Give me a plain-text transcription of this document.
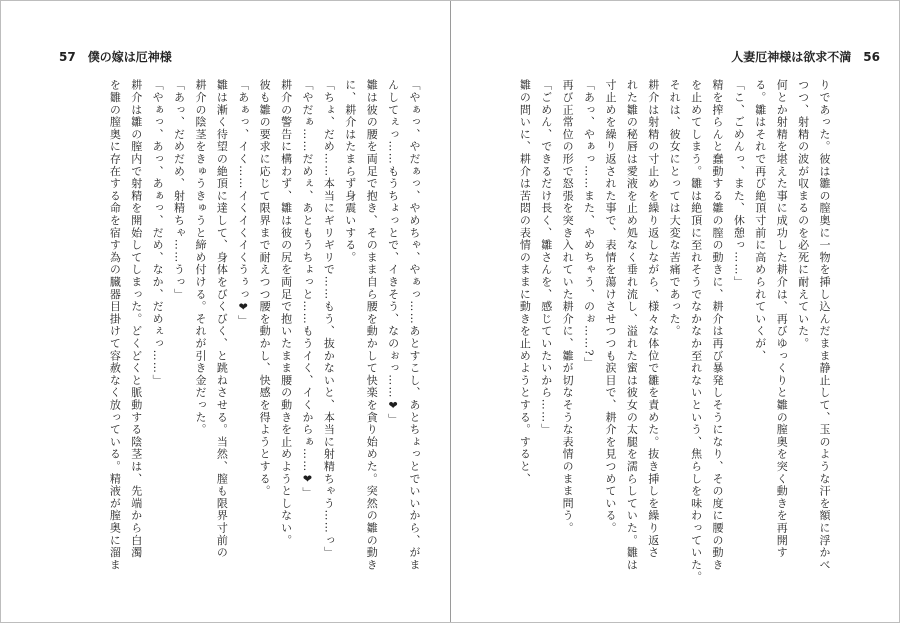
57 僕の嫁は厄神様
「やぁっ、やだぁっ、やめちゃ、やぁっ……あとすこし、あとちょっとでいいから、がま
んしてぇっ……もうちょっとで、イきそう、なのぉっ……❤」
雛は彼の腰を両足で抱き、そのまま自ら腰を動かして快楽を貪り始めた。突然の雛の動き
に、耕介はたまらず身震いする。
「ちょ、だめ……本当にギリギリで……もう、抜かないと、本当に射精ちゃう……っ」
「やだぁ……だめぇ、あともうちょっと……もうイく、イくからぁ……❤」
耕介の警告に構わず、雛は彼の尻を両足で抱いたまま腰の動きを止めようとしない。
彼も雛の要求に応じて限界まで耐えつつ腰を動かし、快感を得ようとする。
「あぁっ、イく……イくイくイくうぅっ❤」
雛は漸く待望の絶頂に達して、身体をびくびく、と跳ねさせる。当然、膣も限界寸前の
耕介の陰茎をきゅうきゅうと締め付ける。それが引き金だった。
「あっ、だめだめ、射精ちゃ……うっ」
「やぁっ、あっ、あぁっ、だめ、なか、だめぇっ……」
耕介は雛の膣内で射精を開始してしまった。どくどくと脈動する陰茎は、先端から白濁
を雛の膣奥に存在する命を宿す為の臓器目掛けて容赦なく放っている。精液が膣奥に溜ま
人妻厄神様は欲求不満 56
りであった。彼は雛の膣奥に一物を挿し込んだまま静止して、玉のような汗を額に浮かべ
つつ、射精の波が収まるのを必死に耐えていた。
何とか射精を堪えた事に成功した耕介は、再びゆっくりと雛の膣奥を突く動きを再開す
る。雛はそれで再び絶頂寸前に高められていくが、
「こ、ごめんっ、また、休憩っ……」
精を搾らんと蠢動する雛の膣の動きに、耕介は再び暴発しそうになり、その度に腰の動き
を止めてしまう。雛は絶頂に至れそうでなかなか至れないという、焦らしを味わっていた。
それは、彼女にとっては大変な苦痛であった。
耕介は射精の寸止めを繰り返しながら、様々な体位で雛を責めた。抜き挿しを繰り返さ
れた雛の秘唇は愛液を止め処なく垂れ流し、溢れた蜜は彼女の太腿を濡らしていた。雛は
寸止めを繰り返された事で、表情を蕩けさせつつも涙目で、耕介を見つめている。
「あっ、やぁっ……また、やめちゃう、のぉ……?」
再び正常位の形で怒張を突き入れていた耕介に、雛が切なそうな表情のまま問う。
「ごめん、できるだけ長く、雛さんを、感じていたいから……」
雛の問いに、耕介は苦悶の表情のままに動きを止めようとする。すると、
